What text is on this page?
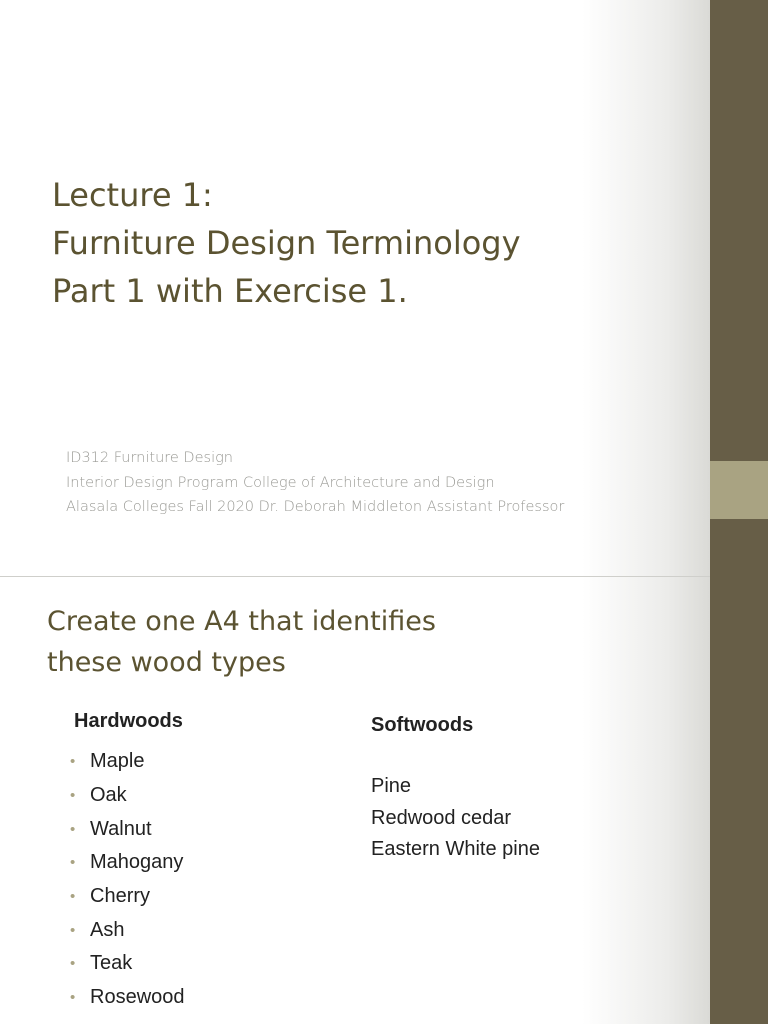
Lecture 1:
Furniture Design Terminology
Part 1 with Exercise 1.
ID312 Furniture Design
Interior Design Program College of Architecture and Design
Alasala Colleges Fall 2020 Dr. Deborah Middleton Assistant Professor
Create one A4 that identifies
these wood types
Hardwoods
• Maple
• Oak
• Walnut
• Mahogany
• Cherry
• Ash
• Teak
• Rosewood
Softwoods
Pine
Redwood cedar
Eastern White pine
